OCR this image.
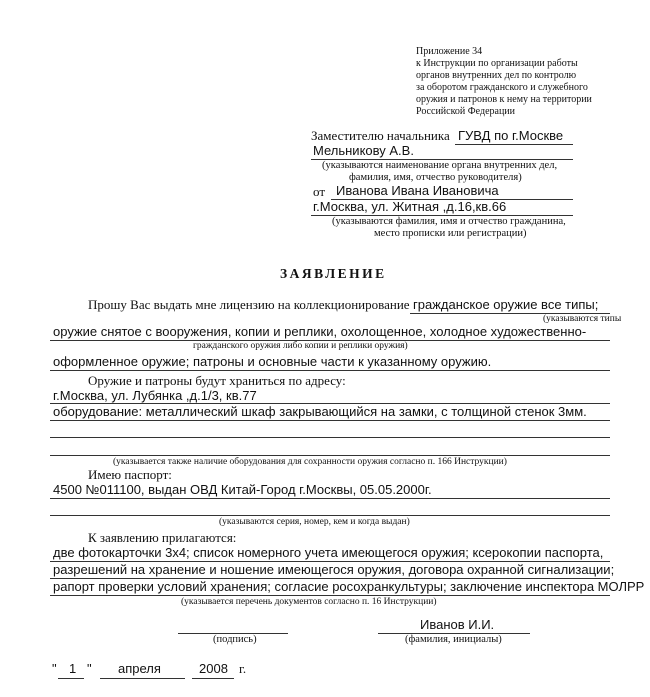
Приложение 34
к Инструкции по организации работы
органов внутренних дел по контролю
за оборотом гражданского и служебного
оружия и патронов к нему на территории
Российской Федерации
Заместителю начальника ГУВД по г.Москве
Мельникову А.В.
(указываются наименование органа внутренних дел,
фамилия, имя, отчество руководителя)
от Иванова Ивана Ивановича
г.Москва, ул. Житная ,д.16,кв.66
(указываются фамилия, имя и отчество гражданина,
место прописки или регистрации)
ЗАЯВЛЕНИЕ
Прошу Вас выдать мне лицензию на коллекционирование гражданское оружие все типы;
(указываются типы
оружие снятое с вооружения, копии и реплики, охолощенное, холодное художественно-
гражданского оружия либо копии и реплики оружия)
оформленное оружие; патроны и основные части к указанному оружию.
Оружие и патроны будут храниться по адресу:
г.Москва, ул. Лубянка ,д.1/3, кв.77
оборудование: металлический шкаф закрывающийся на замки, с толщиной стенок 3мм.
(указывается также наличие оборудования для сохранности оружия согласно п. 166 Инструкции)
Имею паспорт:
4500 №011100, выдан ОВД Китай-Город г.Москвы, 05.05.2000г.
(указываются серия, номер, кем и когда выдан)
К заявлению прилагаются:
две фотокарточки 3х4; список номерного учета имеющегося оружия; ксерокопии паспорта,
разрешений на хранение и ношение имеющегося оружия, договора охранной сигнализации;
рапорт проверки условий хранения; согласие росохранкультуры; заключение инспектора МОЛРР
(указывается перечень документов согласно п. 16 Инструкции)
(подпись)
Иванов И.И.
(фамилия, инициалы)
" 1 " апреля	2008 г.
